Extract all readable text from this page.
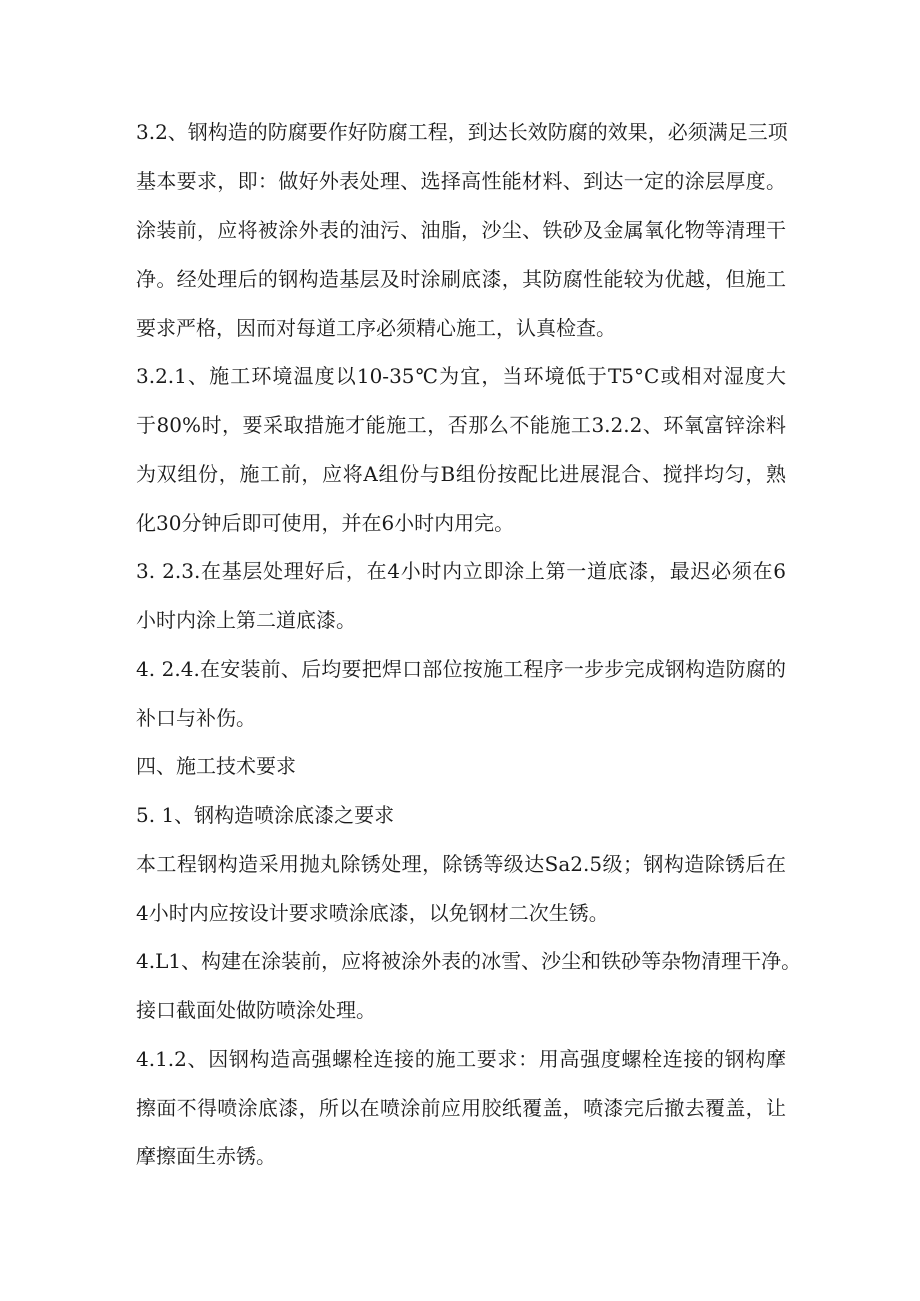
3.2、钢构造的防腐要作好防腐工程，到达长效防腐的效果，必须满足三项
基本要求，即：做好外表处理、选择高性能材料、到达一定的涂层厚度。
涂装前，应将被涂外表的油污、油脂，沙尘、铁砂及金属氧化物等清理干
净。经处理后的钢构造基层及时涂刷底漆，其防腐性能较为优越，但施工
要求严格，因而对每道工序必须精心施工，认真检查。
3.2.1、施工环境温度以10-35℃为宜，当环境低于T5°C或相对湿度大
于80%时，要采取措施才能施工，否那么不能施工3.2.2、环氧富锌涂料
为双组份，施工前，应将A组份与B组份按配比进展混合、搅拌均匀，熟
化30分钟后即可使用，并在6小时内用完。
3. 2.3.在基层处理好后，在4小时内立即涂上第一道底漆，最迟必须在6
小时内涂上第二道底漆。
4. 2.4.在安装前、后均要把焊口部位按施工程序一步步完成钢构造防腐的
补口与补伤。
四、施工技术要求
5. 1、钢构造喷涂底漆之要求
本工程钢构造采用抛丸除锈处理，除锈等级达Sa2.5级；钢构造除锈后在
4小时内应按设计要求喷涂底漆，以免钢材二次生锈。
4.L1、构建在涂装前，应将被涂外表的冰雪、沙尘和铁砂等杂物清理干净。
接口截面处做防喷涂处理。
4.1.2、因钢构造高强螺栓连接的施工要求：用高强度螺栓连接的钢构摩
擦面不得喷涂底漆，所以在喷涂前应用胶纸覆盖，喷漆完后撤去覆盖，让
摩擦面生赤锈。
